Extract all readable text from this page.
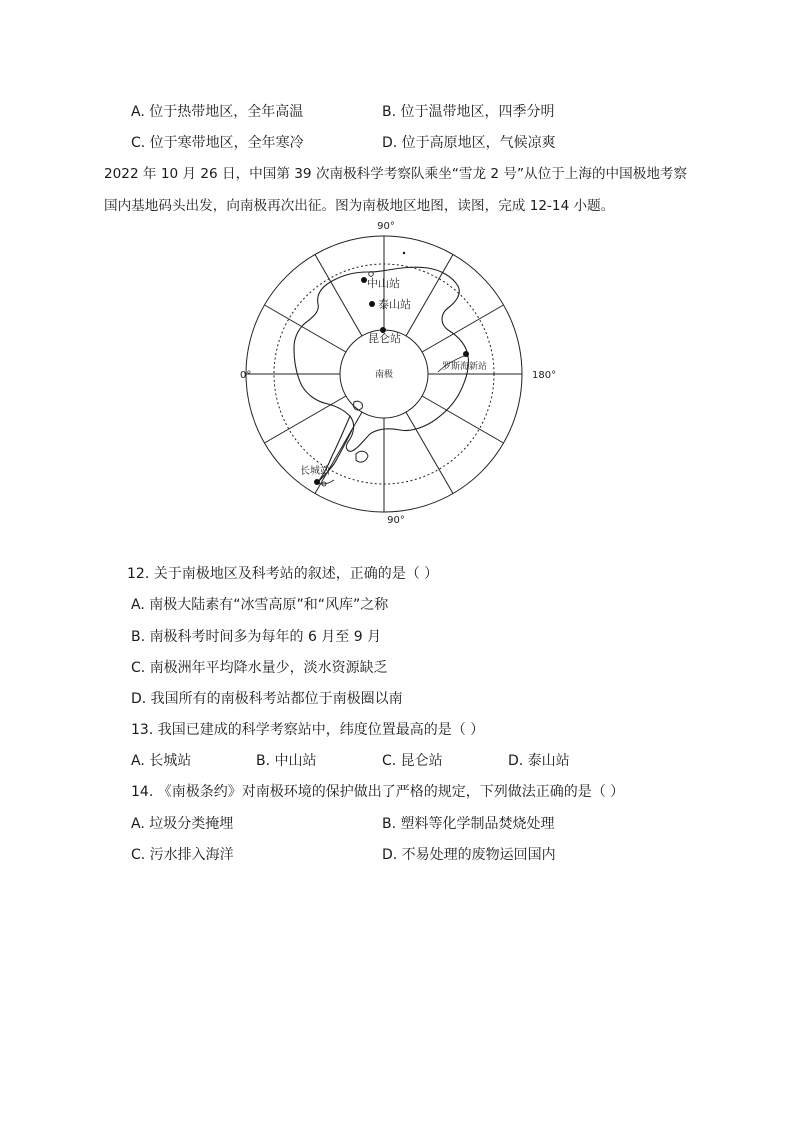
A. 位于热带地区，全年高温	B. 位于温带地区，四季分明
C. 位于寒带地区，全年寒冷	D. 位于高原地区，气候凉爽
2022 年 10 月 26 日，中国第 39 次南极科学考察队乘坐“雪龙 2 号”从位于上海的中国极地考察
国内基地码头出发，向南极再次出征。图为南极地区地图，读图，完成 12-14 小题。
90°
90°
0°	180°
南极
中山站
泰山站
昆仑站
罗斯海新站
长城站
12. 关于南极地区及科考站的叙述，正确的是（ ）
A. 南极大陆素有“冰雪高原”和“风库”之称
B. 南极科考时间多为每年的 6 月至 9 月
C. 南极洲年平均降水量少，淡水资源缺乏
D. 我国所有的南极科考站都位于南极圈以南
13. 我国已建成的科学考察站中，纬度位置最高的是（ ）
A. 长城站	B. 中山站	C. 昆仑站	D. 泰山站
14. 《南极条约》对南极环境的保护做出了严格的规定，下列做法正确的是（ ）
A. 垃圾分类掩埋	B. 塑料等化学制品焚烧处理
C. 污水排入海洋	D. 不易处理的废物运回国内
